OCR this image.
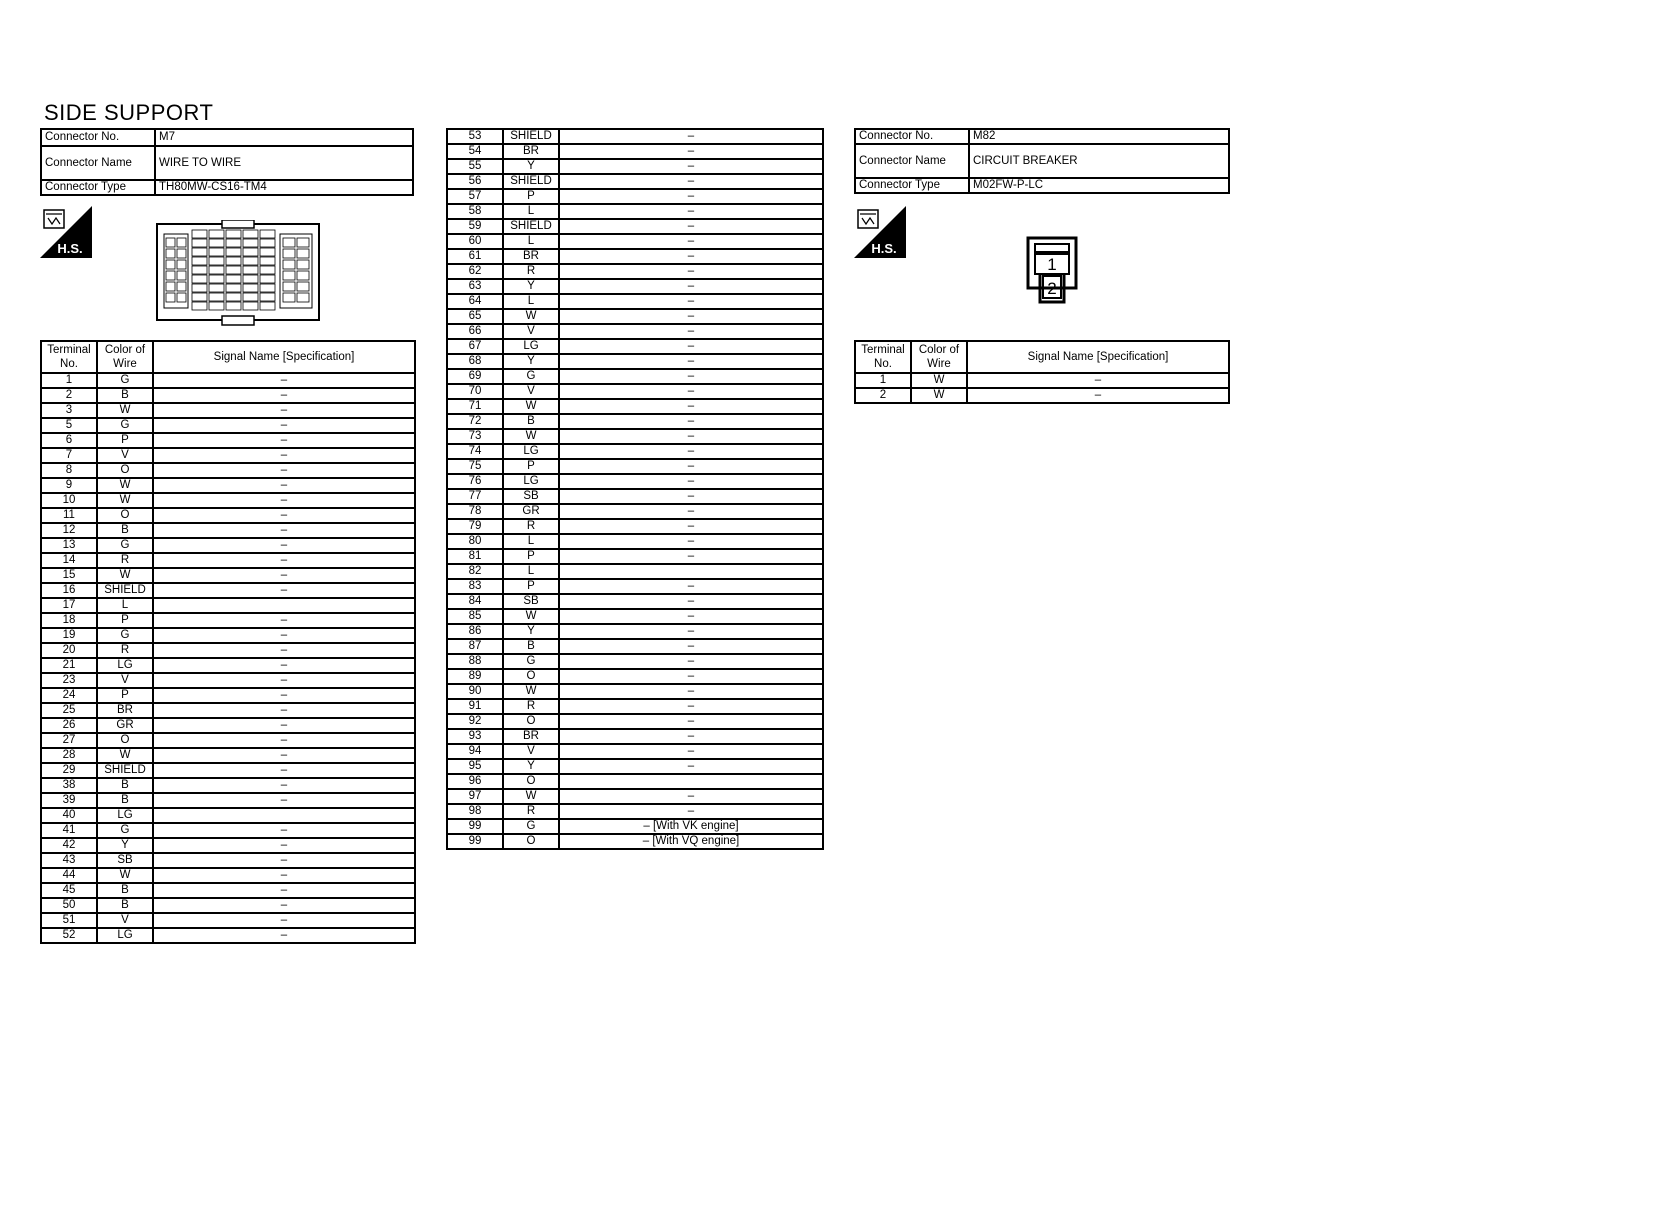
SIDE SUPPORT
Connector No.	M7
Connector Name	WIRE TO WIRE
Connector Type	TH80MW-CS16-TM4
H.S.
Terminal No.	Color of Wire	Signal Name [Specification]
1	G	–
2	B	–
3	W	–
5	G	–
6	P	–
7	V	–
8	O	–
9	W	–
10	W	–
11	O	–
12	B	–
13	G	–
14	R	–
15	W	–
16	SHIELD	–
17	L	
18	P	–
19	G	–
20	R	–
21	LG	–
23	V	–
24	P	–
25	BR	–
26	GR	–
27	O	–
28	W	–
29	SHIELD	–
38	B	–
39	B	–
40	LG	
41	G	–
42	Y	–
43	SB	–
44	W	–
45	B	–
50	B	–
51	V	–
52	LG	–
53	SHIELD	–
54	BR	–
55	Y	–
56	SHIELD	–
57	P	–
58	L	–
59	SHIELD	–
60	L	–
61	BR	–
62	R	–
63	Y	–
64	L	–
65	W	–
66	V	–
67	LG	–
68	Y	–
69	G	–
70	V	–
71	W	–
72	B	–
73	W	–
74	LG	–
75	P	–
76	LG	–
77	SB	–
78	GR	–
79	R	–
80	L	–
81	P	–
82	L	
83	P	–
84	SB	–
85	W	–
86	Y	–
87	B	–
88	G	–
89	O	–
90	W	–
91	R	–
92	O	–
93	BR	–
94	V	–
95	Y	–
96	O	
97	W	–
98	R	–
99	G	– [With VK engine]
99	O	– [With VQ engine]
Connector No.	M82
Connector Name	CIRCUIT BREAKER
Connector Type	M02FW-P-LC
H.S.
1
2
Terminal No.	Color of Wire	Signal Name [Specification]
1	W	–
2	W	–
